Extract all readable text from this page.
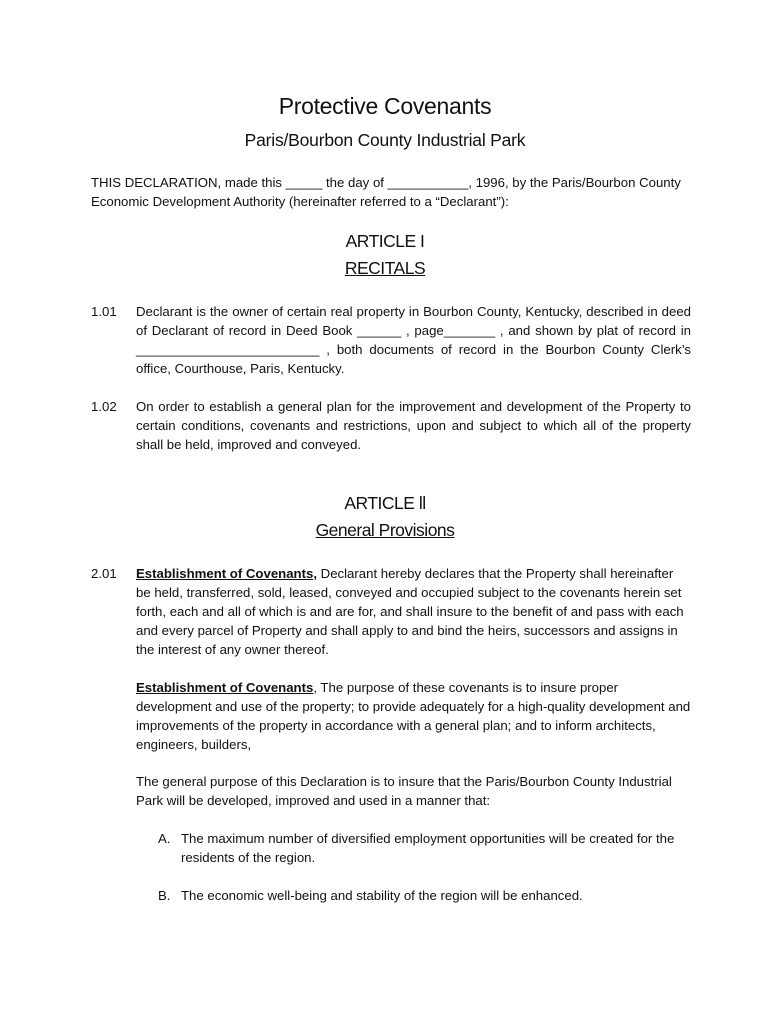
Protective Covenants
Paris/Bourbon County Industrial Park
THIS DECLARATION, made this _____ the day of ___________, 1996, by the Paris/Bourbon County Economic Development Authority (hereinafter referred to a “Declarant”):
ARTICLE I
RECITALS
1.01 Declarant is the owner of certain real property in Bourbon County, Kentucky, described in deed of Declarant of record in Deed Book ______ , page_______ , and shown by plat of record in _________________________ , both documents of record in the Bourbon County Clerk’s office, Courthouse, Paris, Kentucky.
1.02 On order to establish a general plan for the improvement and development of the Property to certain conditions, covenants and restrictions, upon and subject to which all of the property shall be held, improved and conveyed.
ARTICLE ll
General Provisions
2.01 Establishment of Covenants, Declarant hereby declares that the Property shall hereinafter be held, transferred, sold, leased, conveyed and occupied subject to the covenants herein set forth, each and all of which is and are for, and shall insure to the benefit of and pass with each and every parcel of Property and shall apply to and bind the heirs, successors and assigns in the interest of any owner thereof.
Establishment of Covenants, The purpose of these covenants is to insure proper development and use of the property; to provide adequately for a high-quality development and improvements of the property in accordance with a general plan; and to inform architects, engineers, builders,
The general purpose of this Declaration is to insure that the Paris/Bourbon County Industrial Park will be developed, improved and used in a manner that:
A. The maximum number of diversified employment opportunities will be created for the residents of the region.
B. The economic well-being and stability of the region will be enhanced.
